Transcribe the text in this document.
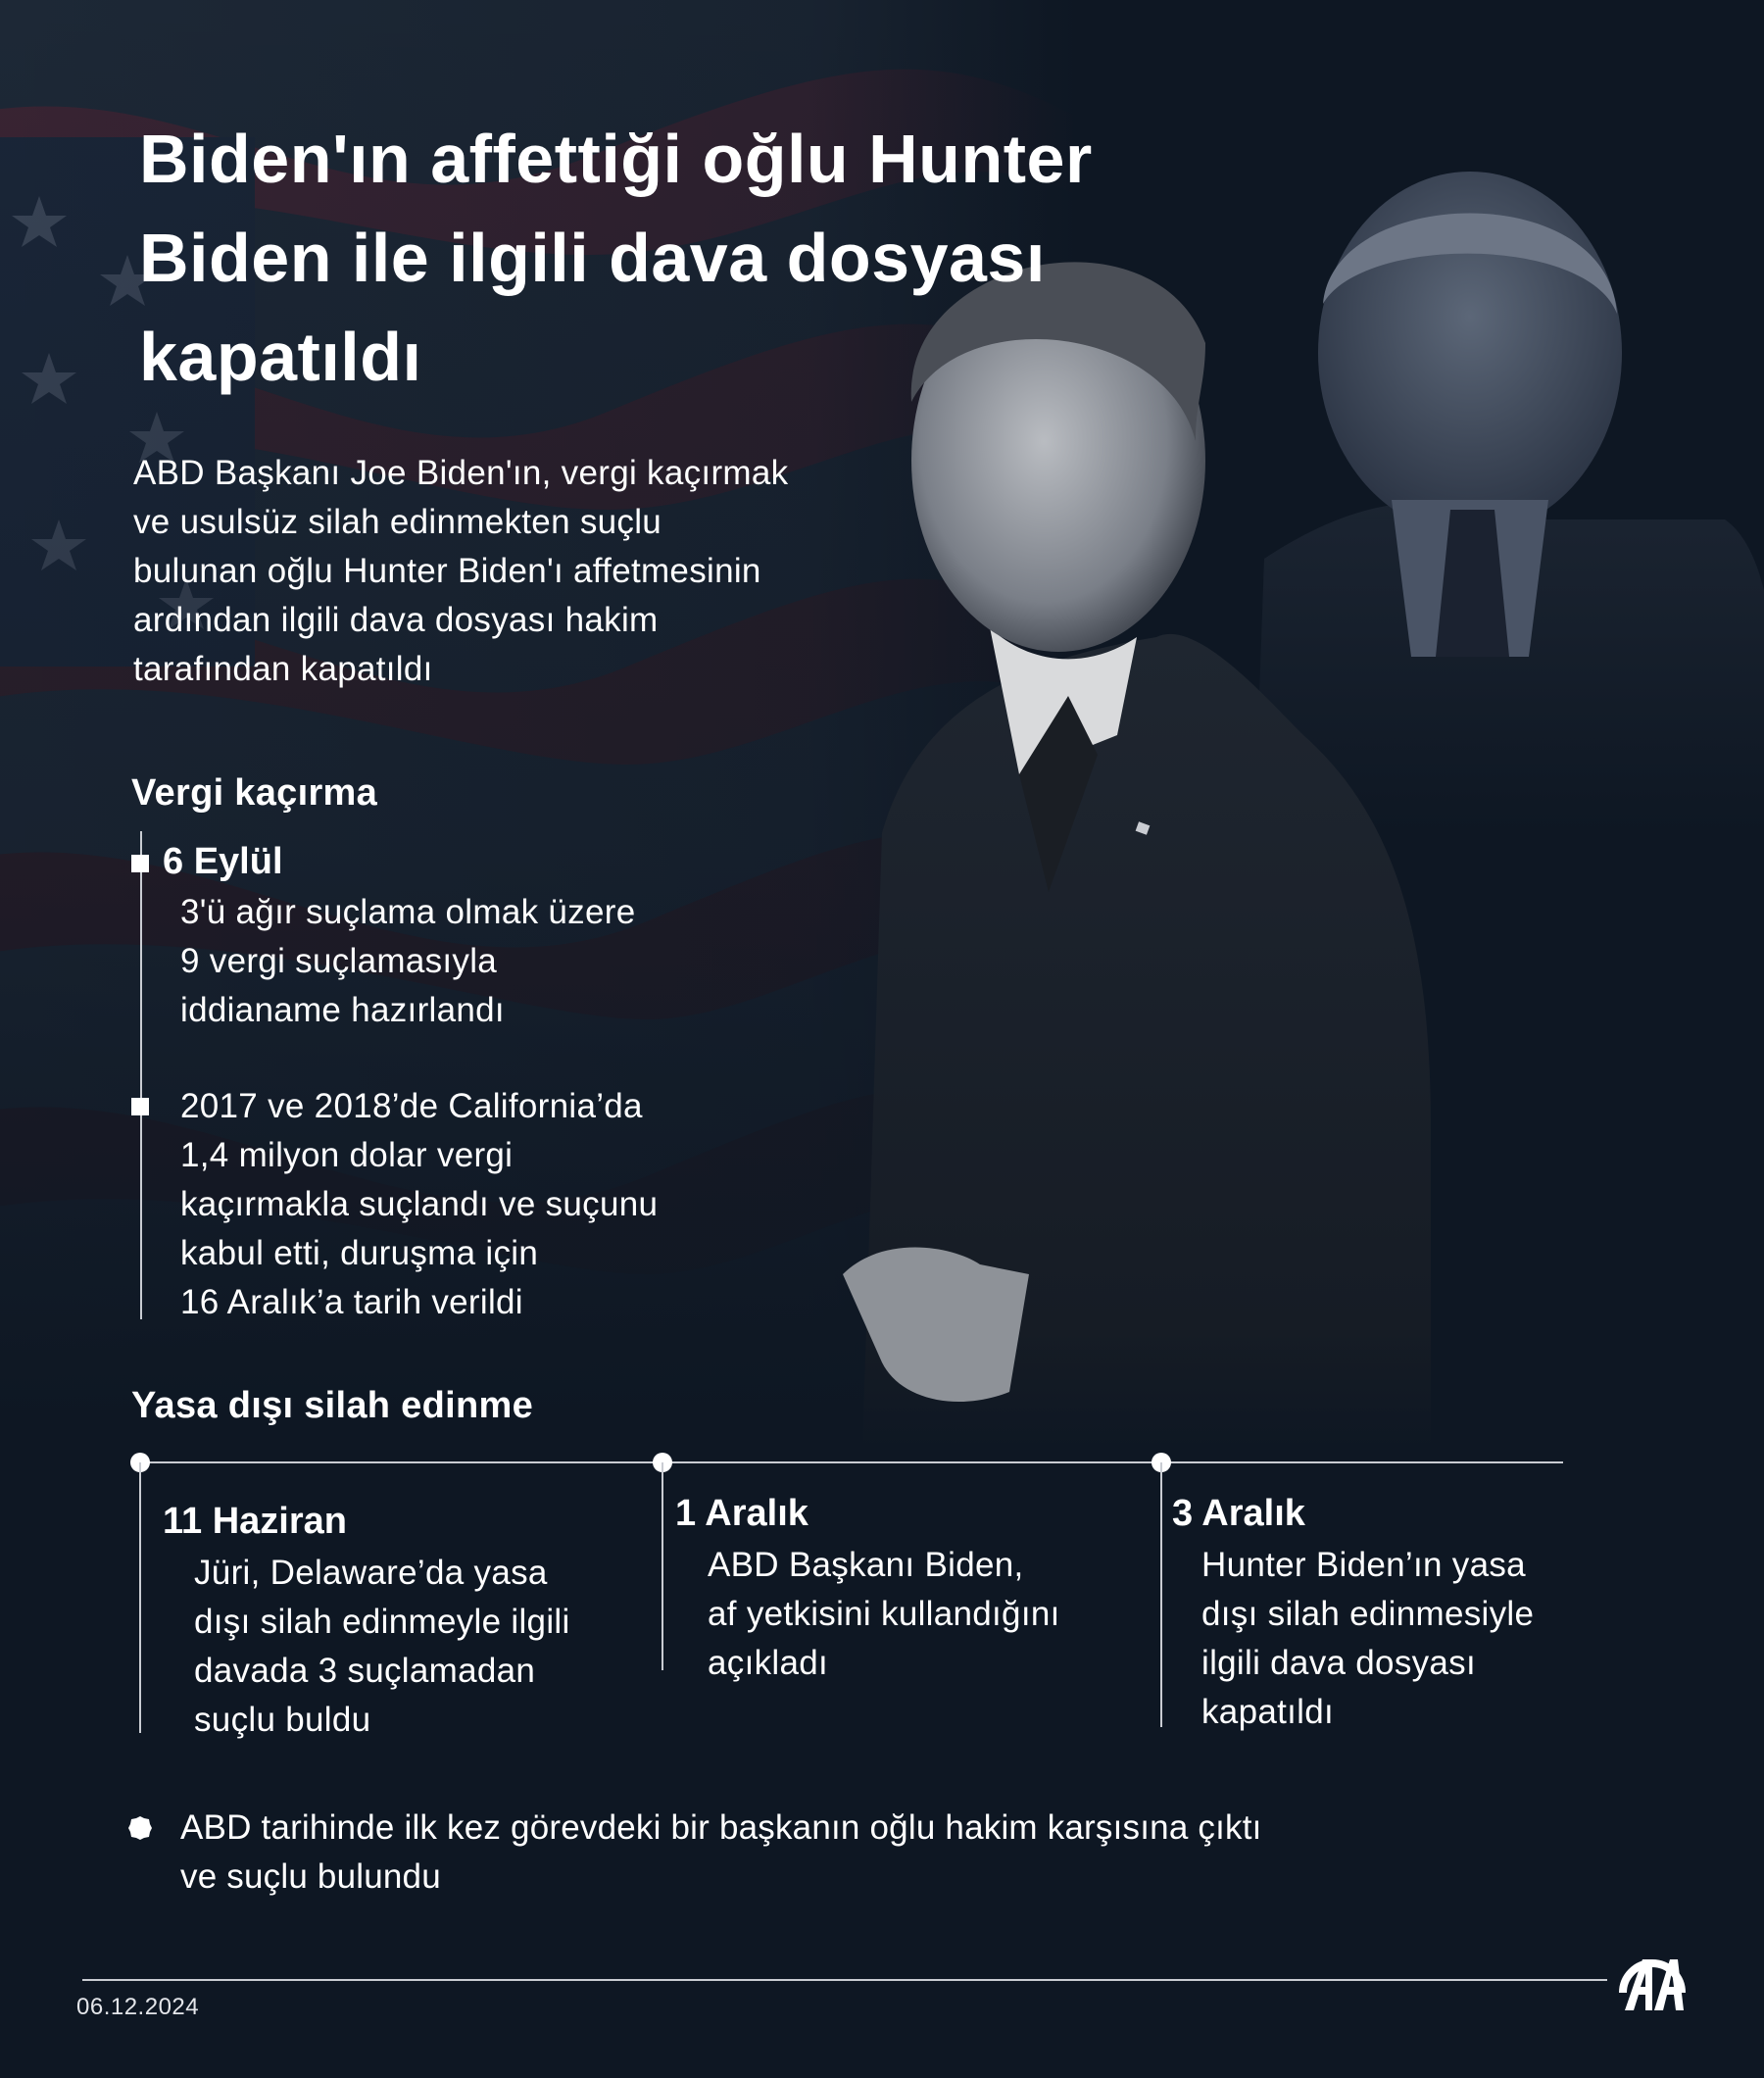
Biden'ın affettiği oğlu Hunter
Biden ile ilgili dava dosyası
kapatıldı
ABD Başkanı Joe Biden'ın, vergi kaçırmak
ve usulsüz silah edinmekten suçlu
bulunan oğlu Hunter Biden'ı affetmesinin
ardından ilgili dava dosyası hakim
tarafından kapatıldı
Vergi kaçırma
6 Eylül
3'ü ağır suçlama olmak üzere
9 vergi suçlamasıyla
iddianame hazırlandı
2017 ve 2018’de California’da
1,4 milyon dolar vergi
kaçırmakla suçlandı ve suçunu
kabul etti, duruşma için
16 Aralık’a tarih verildi
Yasa dışı silah edinme
11 Haziran
Jüri, Delaware’da yasa
dışı silah edinmeyle ilgili
davada 3 suçlamadan
suçlu buldu
1 Aralık
ABD Başkanı Biden,
af yetkisini kullandığını
açıkladı
3 Aralık
Hunter Biden’ın yasa
dışı silah edinmesiyle
ilgili dava dosyası
kapatıldı
ABD tarihinde ilk kez görevdeki bir başkanın oğlu hakim karşısına çıktı
ve suçlu bulundu
06.12.2024
